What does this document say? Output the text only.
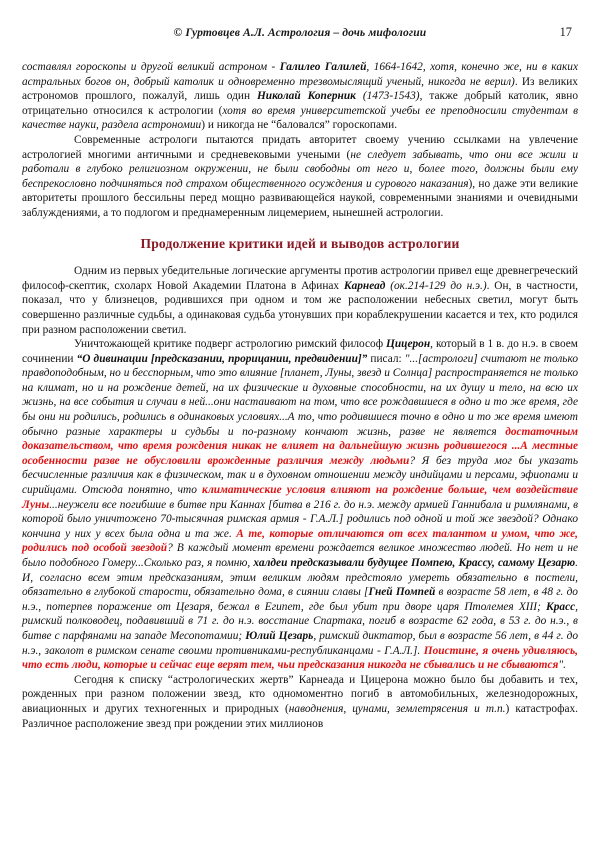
© Гуртовцев А.Л. Астрология – дочь мифологии	17

составлял гороскопы и другой великий астроном - Галилео Галилей, 1664-1642, хотя, конечно же, ни в каких астральных богов он, добрый католик и одновременно трезвомыслящий ученый, никогда не верил). Из великих астрономов прошлого, пожалуй, лишь один Николай Коперник (1473-1543), также добрый католик, явно отрицательно относился к астрологии (хотя во время университетской учебы ее преподносили студентам в качестве науки, раздела астрономии) и никогда не “баловался” гороскопами.

Современные астрологи пытаются придать авторитет своему учению ссылками на увлечение астрологией многими античными и средневековыми учеными (не следует забывать, что они все жили и работали в глубоко религиозном окружении, не были свободны от него и, более того, должны были ему беспрекословно подчиняться под страхом общественного осуждения и сурового наказания), но даже эти великие авторитеты прошлого бессильны перед мощно развивающейся наукой, современными знаниями и очевидными заблуждениями, а то подлогом и преднамеренным лицемерием, нынешней астрологии.

Продолжение критики идей и выводов астрологии

Одним из первых убедительные логические аргументы против астрологии привел еще древнегреческий философ-скептик, схоларх Новой Академии Платона в Афинах Карнеад (ок.214-129 до н.э.). Он, в частности, показал, что у близнецов, родившихся при одном и том же расположении небесных светил, могут быть совершенно различные судьбы, а одинаковая судьба утонувших при кораблекрушении касается и тех, кто родился при разном расположении светил.

Уничтожающей критике подверг астрологию римский философ Цицерон, который в 1 в. до н.э. в своем сочинении “О дивинации [предсказании, прорицании, предвидении]” писал: "...[астрологи] считают не только правдоподобным, но и бесспорным, что это влияние [планет, Луны, звезд и Солнца] распространяется не только на климат, но и на рождение детей, на их физические и духовные способности, на их душу и тело, на всю их жизнь, на все события и случаи в ней...они настаивают на том, что все рождавшиеся в одно и то же время, где бы они ни родились, родились в одинаковых условиях...А то, что родившиеся точно в одно и то же время имеют обычно разные характеры и судьбы и по-разному кончают жизнь, разве не является достаточным доказательством, что время рождения никак не влияет на дальнейшую жизнь родившегося ...А местные особенности разве не обусловили врожденные различия между людьми? Я без труда мог бы указать бесчисленные различия как в физическом, так и в духовном отношении между индийцами и персами, эфиопами и сирийцами. Отсюда понятно, что климатические условия влияют на рождение больше, чем воздействие Луны...неужели все погибшие в битве при Каннах [битва в 216 г. до н.э. между армией Ганнибала и римлянами, в которой было уничтожено 70-тысячная римская армия - Г.А.Л.] родились под одной и той же звездой? Однако кончина у них у всех была одна и та же. А те, которые отличаются от всех талантом и умом, что же, родились под особой звездой? В каждый момент времени рождается великое множество людей. Но нет и не было подобного Гомеру...Сколько раз, я помню, халдеи предсказывали будущее Помпею, Крассу, самому Цезарю. И, согласно всем этим предсказаниям, этим великим людям предстояло умереть обязательно в постели, обязательно в глубокой старости, обязательно дома, в сиянии славы [Гней Помпей в возрасте 58 лет, в 48 г. до н.э., потерпев поражение от Цезаря, бежал в Египет, где был убит при дворе царя Птолемея XIII; Красс, римский полководец, подавивший в 71 г. до н.э. восстание Спартака, погиб в возрасте 62 года, в 53 г. до н.э., в битве с парфянами на западе Месопотамии; Юлий Цезарь, римский диктатор, был в возрасте 56 лет, в 44 г. до н.э., заколот в римском сенате своими противниками-республиканцами - Г.А.Л.]. Поистине, я очень удивляюсь, что есть люди, которые и сейчас еще верят тем, чьи предсказания никогда не сбывались и не сбываются".

Сегодня к списку “астрологических жертв” Карнеада и Цицерона можно было бы добавить и тех, рожденных при разном положении звезд, кто одномоментно погиб в автомобильных, железнодорожных, авиационных и других техногенных и природных (наводнения, цунами, землетрясения и т.п.) катастрофах. Различное расположение звезд при рождении этих миллионов
